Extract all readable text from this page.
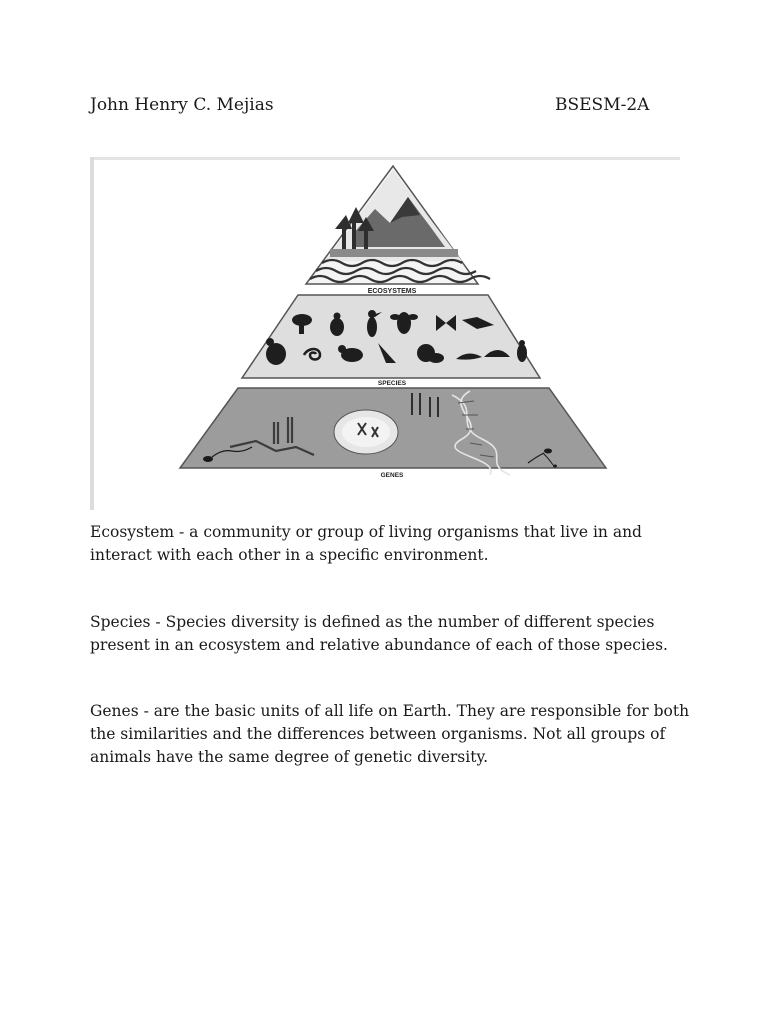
John Henry C. Mejias	BSESM-2A
ECOSYSTEMS
SPECIES
GENES

Ecosystem - a community or group of living organisms that live in and interact with each other in a specific environment.

Species - Species diversity is defined as the number of different species present in an ecosystem and relative abundance of each of those species.

Genes - are the basic units of all life on Earth. They are responsible for both the similarities and the differences between organisms. Not all groups of animals have the same degree of genetic diversity.
